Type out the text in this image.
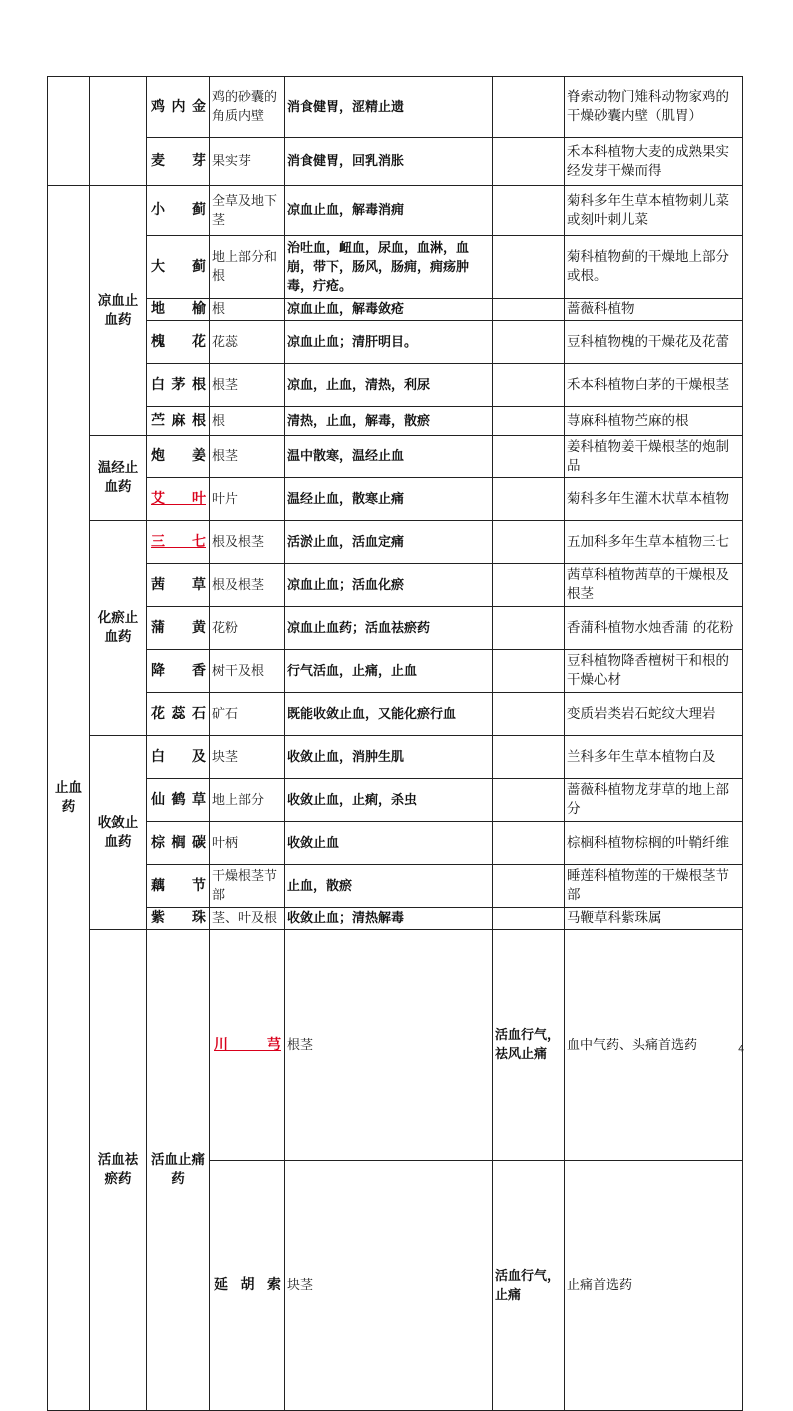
		鸡内金	鸡的砂囊的角质内壁	消食健胃，涩精止遗		脊索动物门雉科动物家鸡的干燥砂囊内壁（肌胃）	
		麦芽	果实芽	消食健胃，回乳消胀		禾本科植物大麦的成熟果实经发芽干燥而得	
止血药	凉血止血药	小蓟	全草及地下茎	凉血止血，解毒消痈		菊科多年生草本植物刺儿菜或刻叶刺儿菜	
		大蓟	地上部分和根	治吐血，衄血，尿血，血淋，血崩，带下，肠风，肠痈，痈疡肿毒，疔疮。		菊科植物蓟的干燥地上部分或根。	
		地榆	根	凉血止血，解毒敛疮		蔷薇科植物	
		槐花	花蕊	凉血止血；清肝明目。		豆科植物槐的干燥花及花蕾	
		白茅根	根茎	凉血，止血，清热，利尿		禾本科植物白茅的干燥根茎	
		苎麻根	根	清热，止血，解毒，散瘀		荨麻科植物苎麻的根	
	温经止血药	炮姜	根茎	温中散寒，温经止血		姜科植物姜干燥根茎的炮制品	
		艾叶	叶片	温经止血，散寒止痛		菊科多年生灌木状草本植物	
	化瘀止血药	三七	根及根茎	活淤止血，活血定痛		五加科多年生草本植物三七	
		茜草	根及根茎	凉血止血；活血化瘀		茜草科植物茜草的干燥根及根茎	
		蒲黄	花粉	凉血止血药；活血祛瘀药		香蒲科植物水烛香蒲 的花粉	
		降香	树干及根	行气活血，止痛，止血		豆科植物降香檀树干和根的干燥心材	
		花蕊石	矿石	既能收敛止血，又能化瘀行血		变质岩类岩石蛇纹大理岩	
	收敛止血药	白及	块茎	收敛止血，消肿生肌		兰科多年生草本植物白及	
		仙鹤草	地上部分	收敛止血，止痢，杀虫		蔷薇科植物龙芽草的地上部分	
		棕榈碳	叶柄	收敛止血		棕榈科植物棕榈的叶鞘纤维	
		藕节	干燥根茎节部	止血，散瘀		睡莲科植物莲的干燥根茎节部	
		紫珠	茎、叶及根	收敛止血；清热解毒		马鞭草科紫珠属	
	活血祛瘀药	活血止痛药	川芎	根茎	活血行气，祛风止痛	血中气药、头痛首选药	
			延胡索	块茎	活血行气，止痛	止痛首选药	
4
